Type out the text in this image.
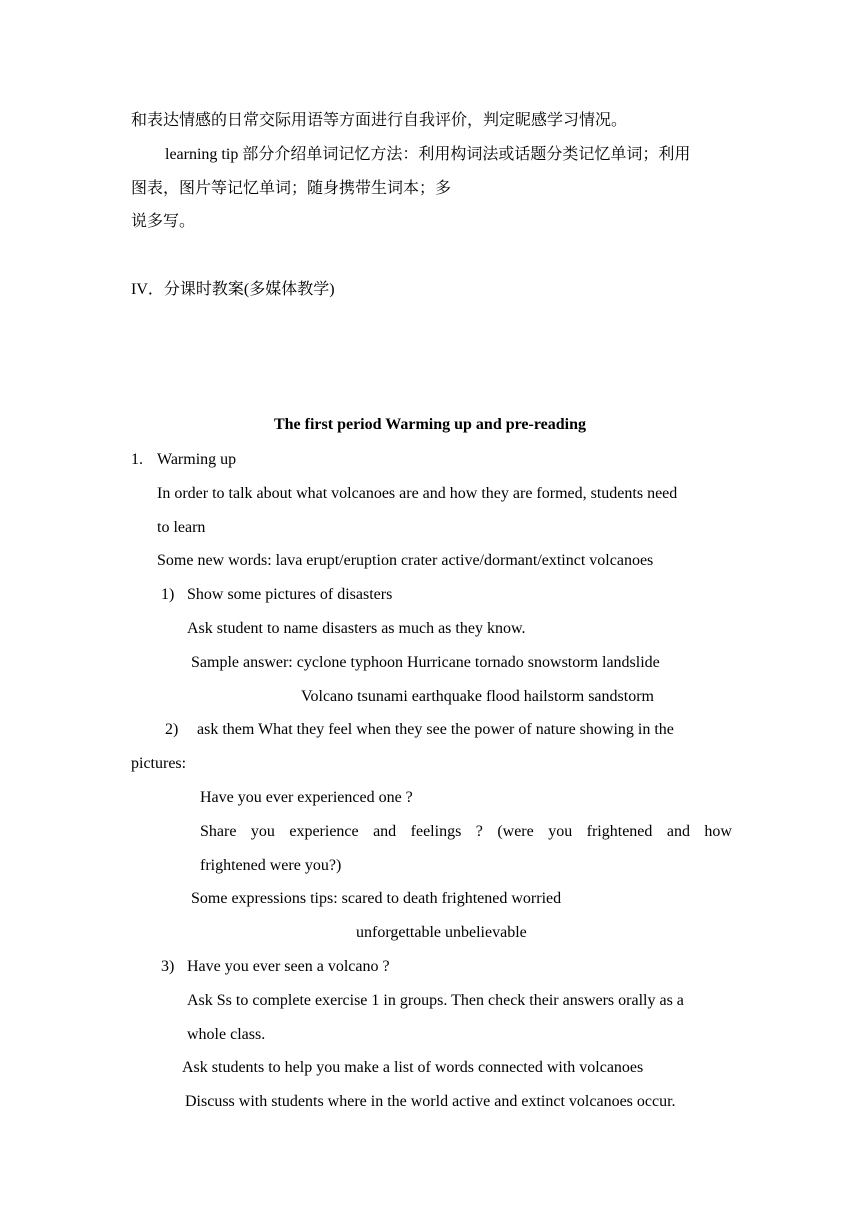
和表达情感的日常交际用语等方面进行自我评价，判定昵感学习情况。
learning tip 部分介绍单词记忆方法：利用构词法或话题分类记忆单词；利用
图表，图片等记忆单词；随身携带生词本；多
说多写。
IV．分课时教案(多媒体教学)
The first period Warming up and pre-reading
1. Warming up
In order to talk about what volcanoes are and how they are formed, students need
to learn
Some new words: lava erupt/eruption crater active/dormant/extinct volcanoes
1) Show some pictures of disasters
Ask student to name disasters as much as they know.
Sample answer: cyclone typhoon Hurricane tornado snowstorm landslide
Volcano tsunami earthquake flood hailstorm sandstorm
2) ask them What they feel when they see the power of nature showing in the
pictures:
Have you ever experienced one ?
Share you experience and feelings ? (were you frightened and how
frightened were you?)
Some expressions tips: scared to death frightened worried
unforgettable unbelievable
3) Have you ever seen a volcano ?
Ask Ss to complete exercise 1 in groups. Then check their answers orally as a
whole class.
Ask students to help you make a list of words connected with volcanoes
Discuss with students where in the world active and extinct volcanoes occur.
